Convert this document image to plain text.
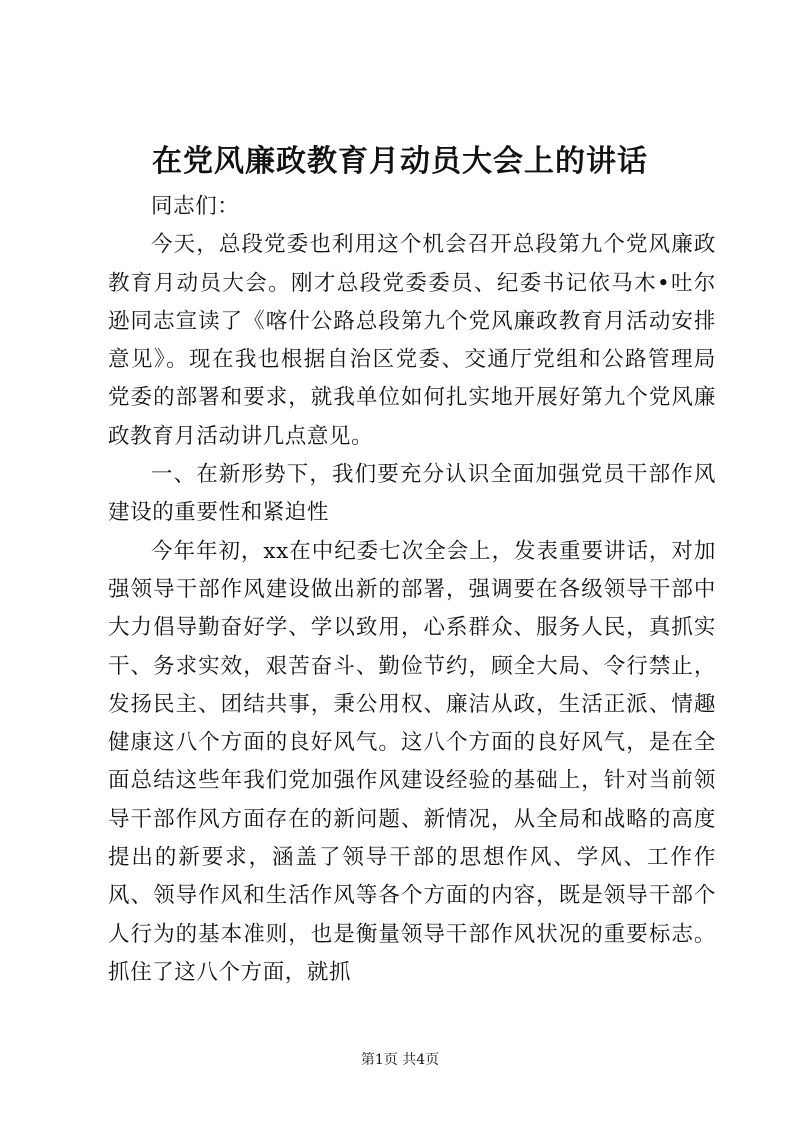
在党风廉政教育月动员大会上的讲话

同志们：

今天，总段党委也利用这个机会召开总段第九个党风廉政教育月动员大会。刚才总段党委委员、纪委书记依马木•吐尔逊同志宣读了《喀什公路总段第九个党风廉政教育月活动安排意见》。现在我也根据自治区党委、交通厅党组和公路管理局党委的部署和要求，就我单位如何扎实地开展好第九个党风廉政教育月活动讲几点意见。

一、在新形势下，我们要充分认识全面加强党员干部作风建设的重要性和紧迫性

今年年初，xx在中纪委七次全会上，发表重要讲话，对加强领导干部作风建设做出新的部署，强调要在各级领导干部中大力倡导勤奋好学、学以致用，心系群众、服务人民，真抓实干、务求实效，艰苦奋斗、勤俭节约，顾全大局、令行禁止，发扬民主、团结共事，秉公用权、廉洁从政，生活正派、情趣健康这八个方面的良好风气。这八个方面的良好风气，是在全面总结这些年我们党加强作风建设经验的基础上，针对当前领导干部作风方面存在的新问题、新情况，从全局和战略的高度提出的新要求，涵盖了领导干部的思想作风、学风、工作作风、领导作风和生活作风等各个方面的内容，既是领导干部个人行为的基本准则，也是衡量领导干部作风状况的重要标志。抓住了这八个方面，就抓

第1页 共4页
